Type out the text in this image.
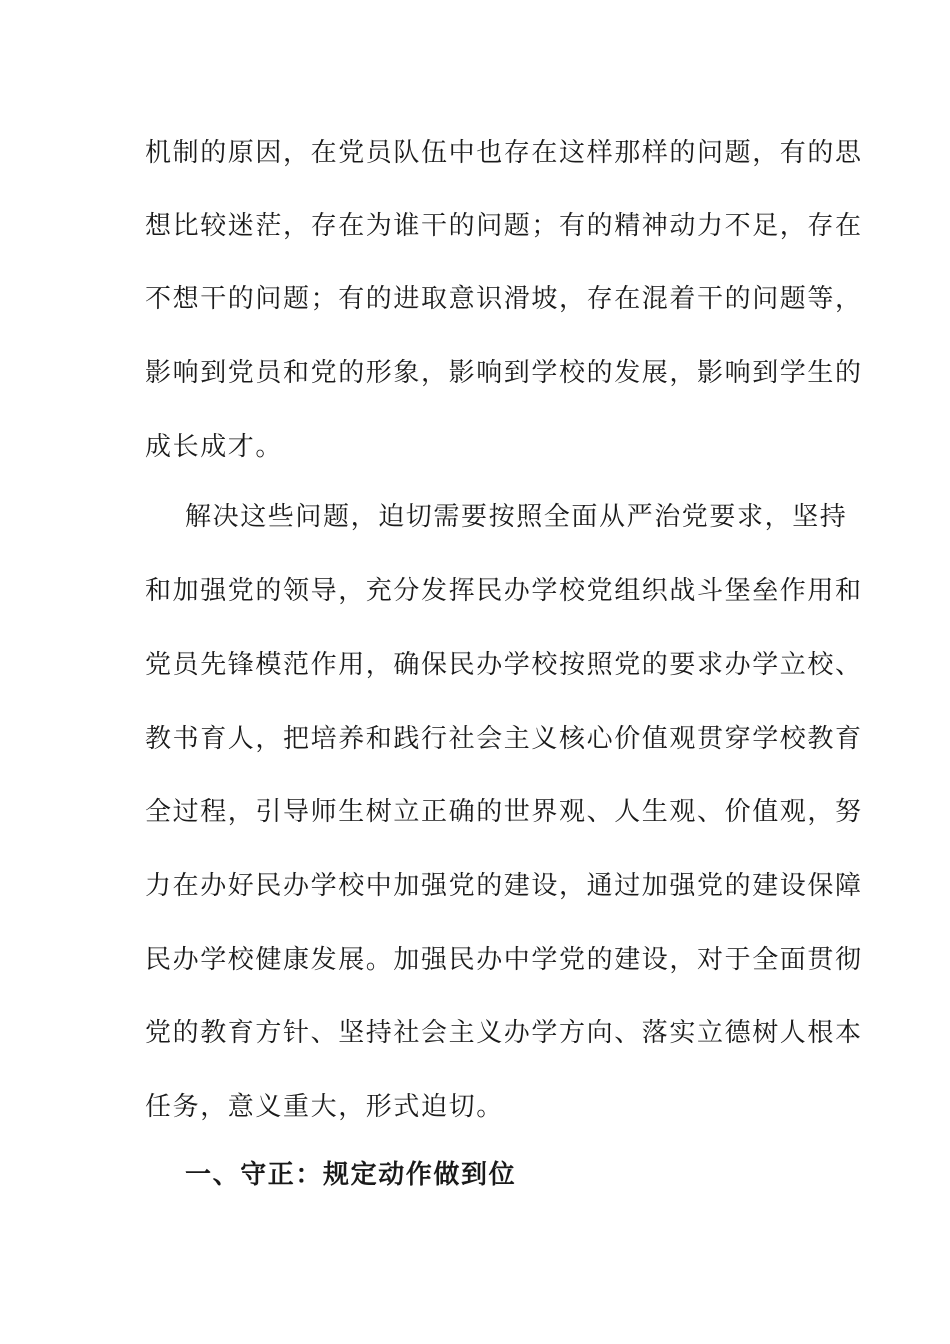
机制的原因，在党员队伍中也存在这样那样的问题，有的思
想比较迷茫，存在为谁干的问题；有的精神动力不足，存在
不想干的问题；有的进取意识滑坡，存在混着干的问题等，
影响到党员和党的形象，影响到学校的发展，影响到学生的
成长成才。
解决这些问题，迫切需要按照全面从严治党要求，坚持
和加强党的领导，充分发挥民办学校党组织战斗堡垒作用和
党员先锋模范作用，确保民办学校按照党的要求办学立校、
教书育人，把培养和践行社会主义核心价值观贯穿学校教育
全过程，引导师生树立正确的世界观、人生观、价值观，努
力在办好民办学校中加强党的建设，通过加强党的建设保障
民办学校健康发展。加强民办中学党的建设，对于全面贯彻
党的教育方针、坚持社会主义办学方向、落实立德树人根本
任务，意义重大，形式迫切。
一、守正：规定动作做到位
